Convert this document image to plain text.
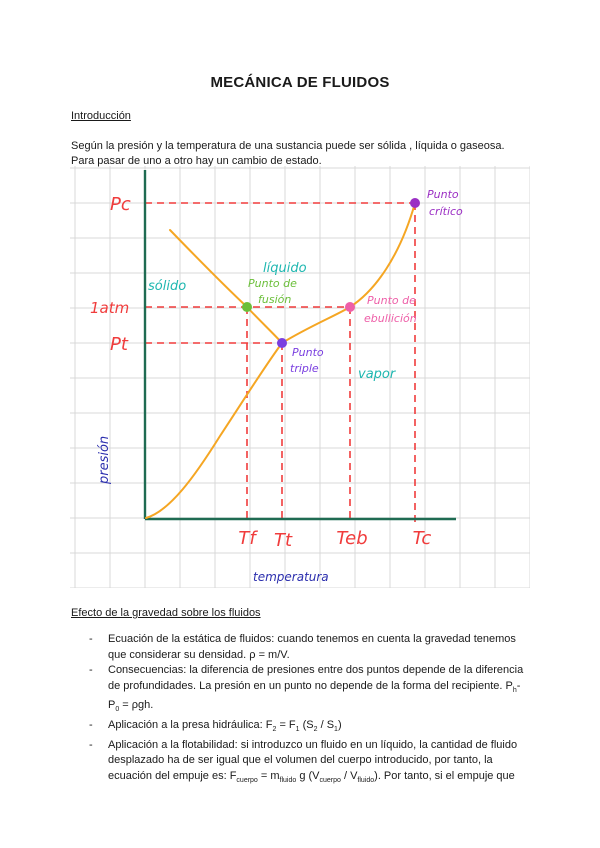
MECÁNICA DE FLUIDOS
Introducción
Según la presión y la temperatura de una sustancia puede ser sólida , líquida o gaseosa.
Para pasar de uno a otro hay un cambio de estado.
Pc
1atm
Pt
Tf Tt Teb	Tc
presión
temperatura
sólido
líquido
vapor
Punto
crítico
Punto de
fusión	Punto de
ebullición
Punto
triple
Efecto de la gravedad sobre los fluidos
- Ecuación de la estática de fluidos: cuando tenemos en cuenta la gravedad tenemos que considerar su densidad. ρ = m/V.
- Consecuencias: la diferencia de presiones entre dos puntos depende de la diferencia de profundidades. La presión en un punto no depende de la forma del recipiente. $P_h-$ $P_0 = \rho gh$.
- Aplicación a la presa hidráulica: $F_2 = F_1$ $(S_2 / S_1)$
- Aplicación a la flotabilidad: si introduzco un fluido en un líquido, la cantidad de fluido desplazado ha de ser igual que el volumen del cuerpo introducido, por tanto, la ecuación del empuje es: $F_{cuerpo} = m_{fluido}$ g $(V_{cuerpo} / V_{fluido})$. Por tanto, si el empuje que
